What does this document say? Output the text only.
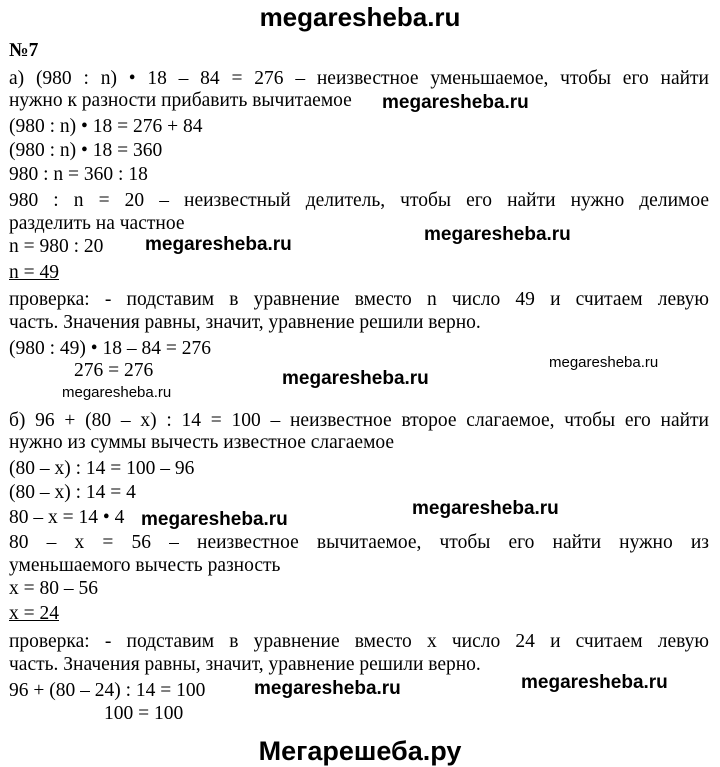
megaresheba.ru
№7
а) (980 : n) • 18 – 84 = 276 – неизвестное уменьшаемое, чтобы его найти
нужно к разности прибавить вычитаемое
(980 : n) • 18 = 276 + 84
(980 : n) • 18 = 360
980 : n = 360 : 18
980 : n = 20 – неизвестный делитель, чтобы его найти нужно делимое
разделить на частное
n = 980 : 20
n = 49
проверка: - подставим в уравнение вместо n число 49 и считаем левую
часть. Значения равны, значит, уравнение решили верно.
(980 : 49) • 18 – 84 = 276
276 = 276
б) 96 + (80 – x) : 14 = 100 – неизвестное второе слагаемое, чтобы его найти
нужно из суммы вычесть известное слагаемое
(80 – x) : 14 = 100 – 96
(80 – x) : 14 = 4
80 – x = 14 • 4
80 – x = 56 – неизвестное вычитаемое, чтобы его найти нужно из
уменьшаемого вычесть разность
x = 80 – 56
x = 24
проверка: - подставим в уравнение вместо x число 24 и считаем левую
часть. Значения равны, значит, уравнение решили верно.
96 + (80 – 24) : 14 = 100
100 = 100
megaresheba.ru
megaresheba.ru	megaresheba.ru
megaresheba.ru
megaresheba.ru
megaresheba.ru
megaresheba.ru
megaresheba.ru
megaresheba.ru	megaresheba.ru
Мегарешеба.ру
